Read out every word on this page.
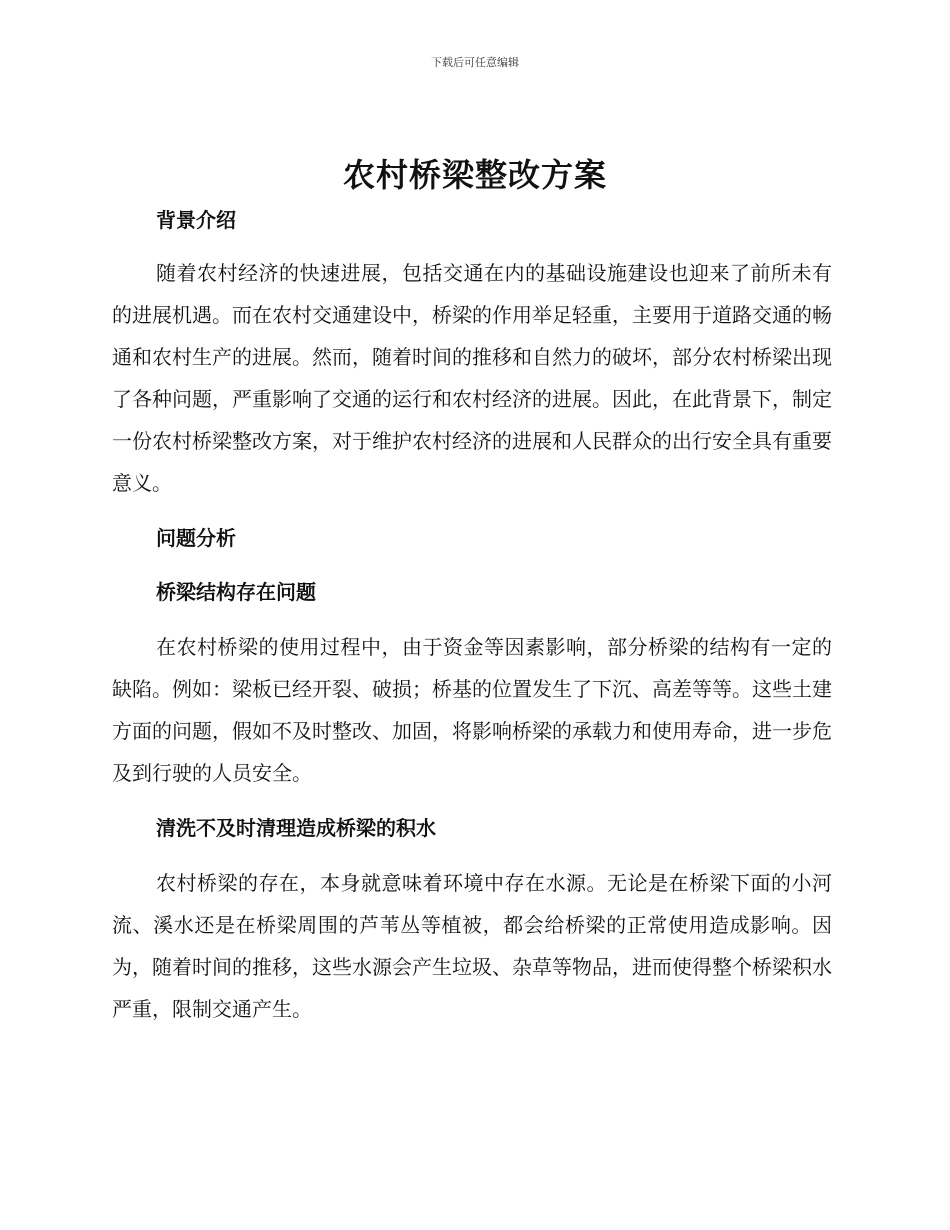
下载后可任意编辑
农村桥梁整改方案

背景介绍

随着农村经济的快速进展，包括交通在内的基础设施建设也迎来了前所未有的进展机遇。而在农村交通建设中，桥梁的作用举足轻重，主要用于道路交通的畅通和农村生产的进展。然而，随着时间的推移和自然力的破坏，部分农村桥梁出现了各种问题，严重影响了交通的运行和农村经济的进展。因此，在此背景下，制定一份农村桥梁整改方案，对于维护农村经济的进展和人民群众的出行安全具有重要意义。

问题分析

桥梁结构存在问题

在农村桥梁的使用过程中，由于资金等因素影响，部分桥梁的结构有一定的缺陷。例如：梁板已经开裂、破损；桥基的位置发生了下沉、高差等等。这些土建方面的问题，假如不及时整改、加固，将影响桥梁的承载力和使用寿命，进一步危及到行驶的人员安全。

清洗不及时清理造成桥梁的积水

农村桥梁的存在，本身就意味着环境中存在水源。无论是在桥梁下面的小河流、溪水还是在桥梁周围的芦苇丛等植被，都会给桥梁的正常使用造成影响。因为，随着时间的推移，这些水源会产生垃圾、杂草等物品，进而使得整个桥梁积水严重，限制交通产生。
